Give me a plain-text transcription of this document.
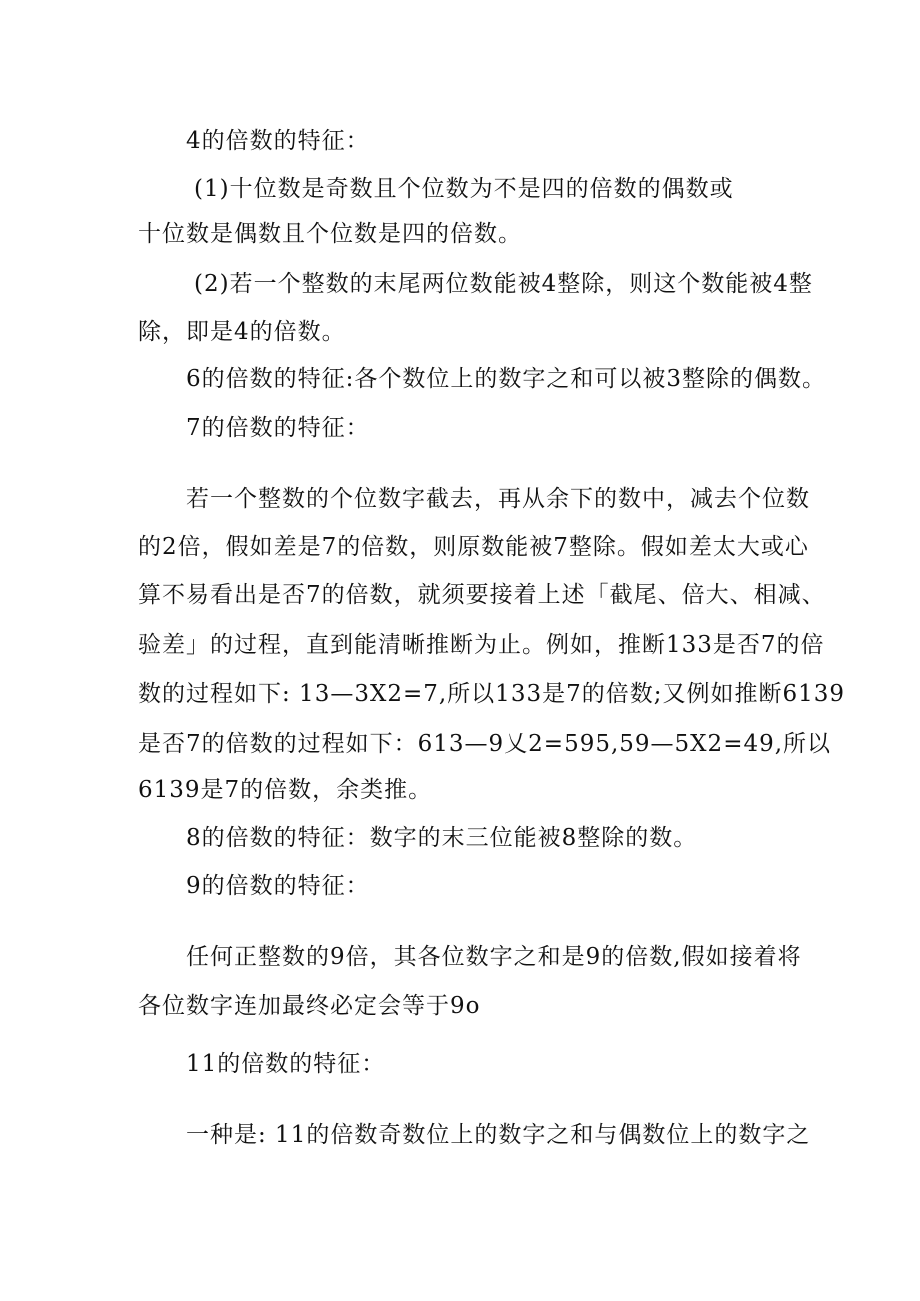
4的倍数的特征：
(1)十位数是奇数且个位数为不是四的倍数的偶数或
十位数是偶数且个位数是四的倍数。
(2)若一个整数的末尾两位数能被4整除，则这个数能被4整
除，即是4的倍数。
6的倍数的特征:各个数位上的数字之和可以被3整除的偶数。
7的倍数的特征：
若一个整数的个位数字截去，再从余下的数中，减去个位数
的2倍，假如差是7的倍数，则原数能被7整除。假如差太大或心
算不易看出是否7的倍数，就须要接着上述「截尾、倍大、相减、
验差」的过程，直到能清晰推断为止。例如，推断133是否7的倍
数的过程如下: 13—3X2=7,所以133是7的倍数;又例如推断6139
是否7的倍数的过程如下：613—9乂2=595,59—5X2=49,所以
6139是7的倍数，余类推。
8的倍数的特征：数字的末三位能被8整除的数。
9的倍数的特征：
任何正整数的9倍，其各位数字之和是9的倍数,假如接着将
各位数字连加最终必定会等于9o
11的倍数的特征：
一种是: 11的倍数奇数位上的数字之和与偶数位上的数字之
